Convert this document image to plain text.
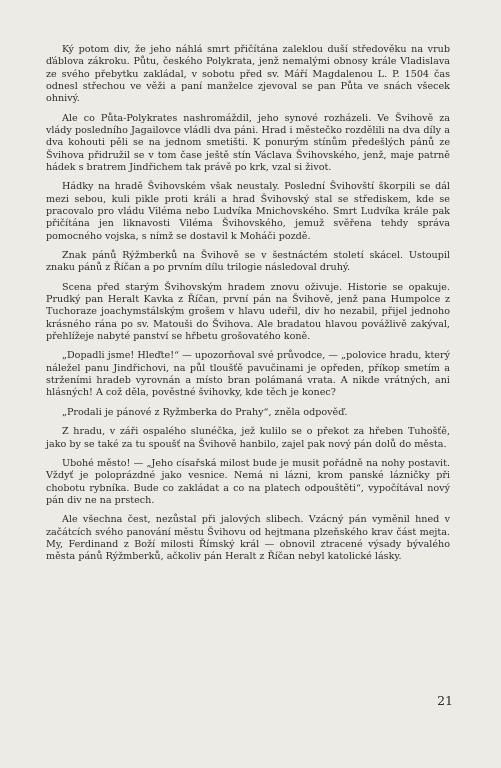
Ký potom div, že jeho náhlá smrt přičítána zaleklou duší středověku na vrub ďáblova zákroku. Půtu, českého Polykrata, jenž nemalými obnosy krále Vladislava ze svého přebytku zakládal, v sobotu před sv. Máří Magdalenou L. P. 1504 čas odnesl střechou ve věži a paní manželce zjevoval se pan Půta ve snách všecek ohnivý.

Ale co Půta-Polykrates nashromáždil, jeho synové rozházeli. Ve Švihově za vlády posledního Jagailovce vládli dva páni. Hrad i městečko rozdělili na dva díly a dva kohouti pěli se na jednom smetišti. K ponurým stínům předešlých pánů ze Švihova přidružil se v tom čase ještě stín Václava Švihovského, jenž, maje patrně hádek s bratrem Jindřichem tak právě po krk, vzal si život.

Hádky na hradě Švihovském však neustaly. Poslední Švihovští škorpili se dál mezi sebou, kuli pikle proti králi a hrad Švihovský stal se střediskem, kde se pracovalo pro vládu Viléma nebo Ludvíka Mnichovského. Smrt Ludvíka krále pak přičítána jen liknavosti Viléma Švihovského, jemuž svěřena tehdy správa pomocného vojska, s nímž se dostavil k Moháči pozdě.

Znak pánů Rýžmberků na Švihově se v šestnáctém století skácel. Ustoupil znaku pánů z Říčan a po prvním dílu trilogie následoval druhý.

Scena před starým Švihovským hradem znovu oživuje. Historie se opakuje. Prudký pan Heralt Kavka z Říčan, první pán na Švihově, jenž pana Humpolce z Tuchoraze joachymstálským grošem v hlavu udeřil, div ho nezabil, přijel jednoho krásného rána po sv. Matouši do Švihova. Ale bradatou hlavou povážlivě zakýval, přehlížeje nabyté panství se hřbetu grošovatého koně.

„Dopadli jsme! Hleďte!“ — upozorňoval své průvodce, — „polovice hradu, který náležel panu Jindřichovi, na půl tloušťě pavučinami je opředen, příkop smetím a strženími hradeb vyrovnán a místo bran polámaná vrata. A nikde vrátných, ani hlásných! A což děla, pověstné švihovky, kde těch je konec?

„Prodali je pánové z Ryžmberka do Prahy“, zněla odpověď.

Z hradu, v záři ospalého slunéčka, jež kulilo se o překot za hřeben Tuhošťě, jako by se také za tu spoušť na Švihově hanbilo, zajel pak nový pán dolů do města.

Ubohé město! — „Jeho císařská milost bude je musit pořádně na nohy postavit. Vždyť je poloprázdné jako vesnice. Nemá ni lázni, krom panské lázničky při chobotu rybníka. Bude co zakládat a co na platech odpouštěti“, vypočítával nový pán div ne na prstech.

Ale všechna čest, nezůstal při jalových slibech. Vzácný pán vyměnil hned v začátcích svého panování městu Švihovu od hejtmana plzeňského krav část mejta. My, Ferdinand z Boží milosti Římský král — obnovil ztracené výsady bývalého města pánů Rýžmberků, ačkoliv pán Heralt z Říčan nebyl katolické lásky.

21
